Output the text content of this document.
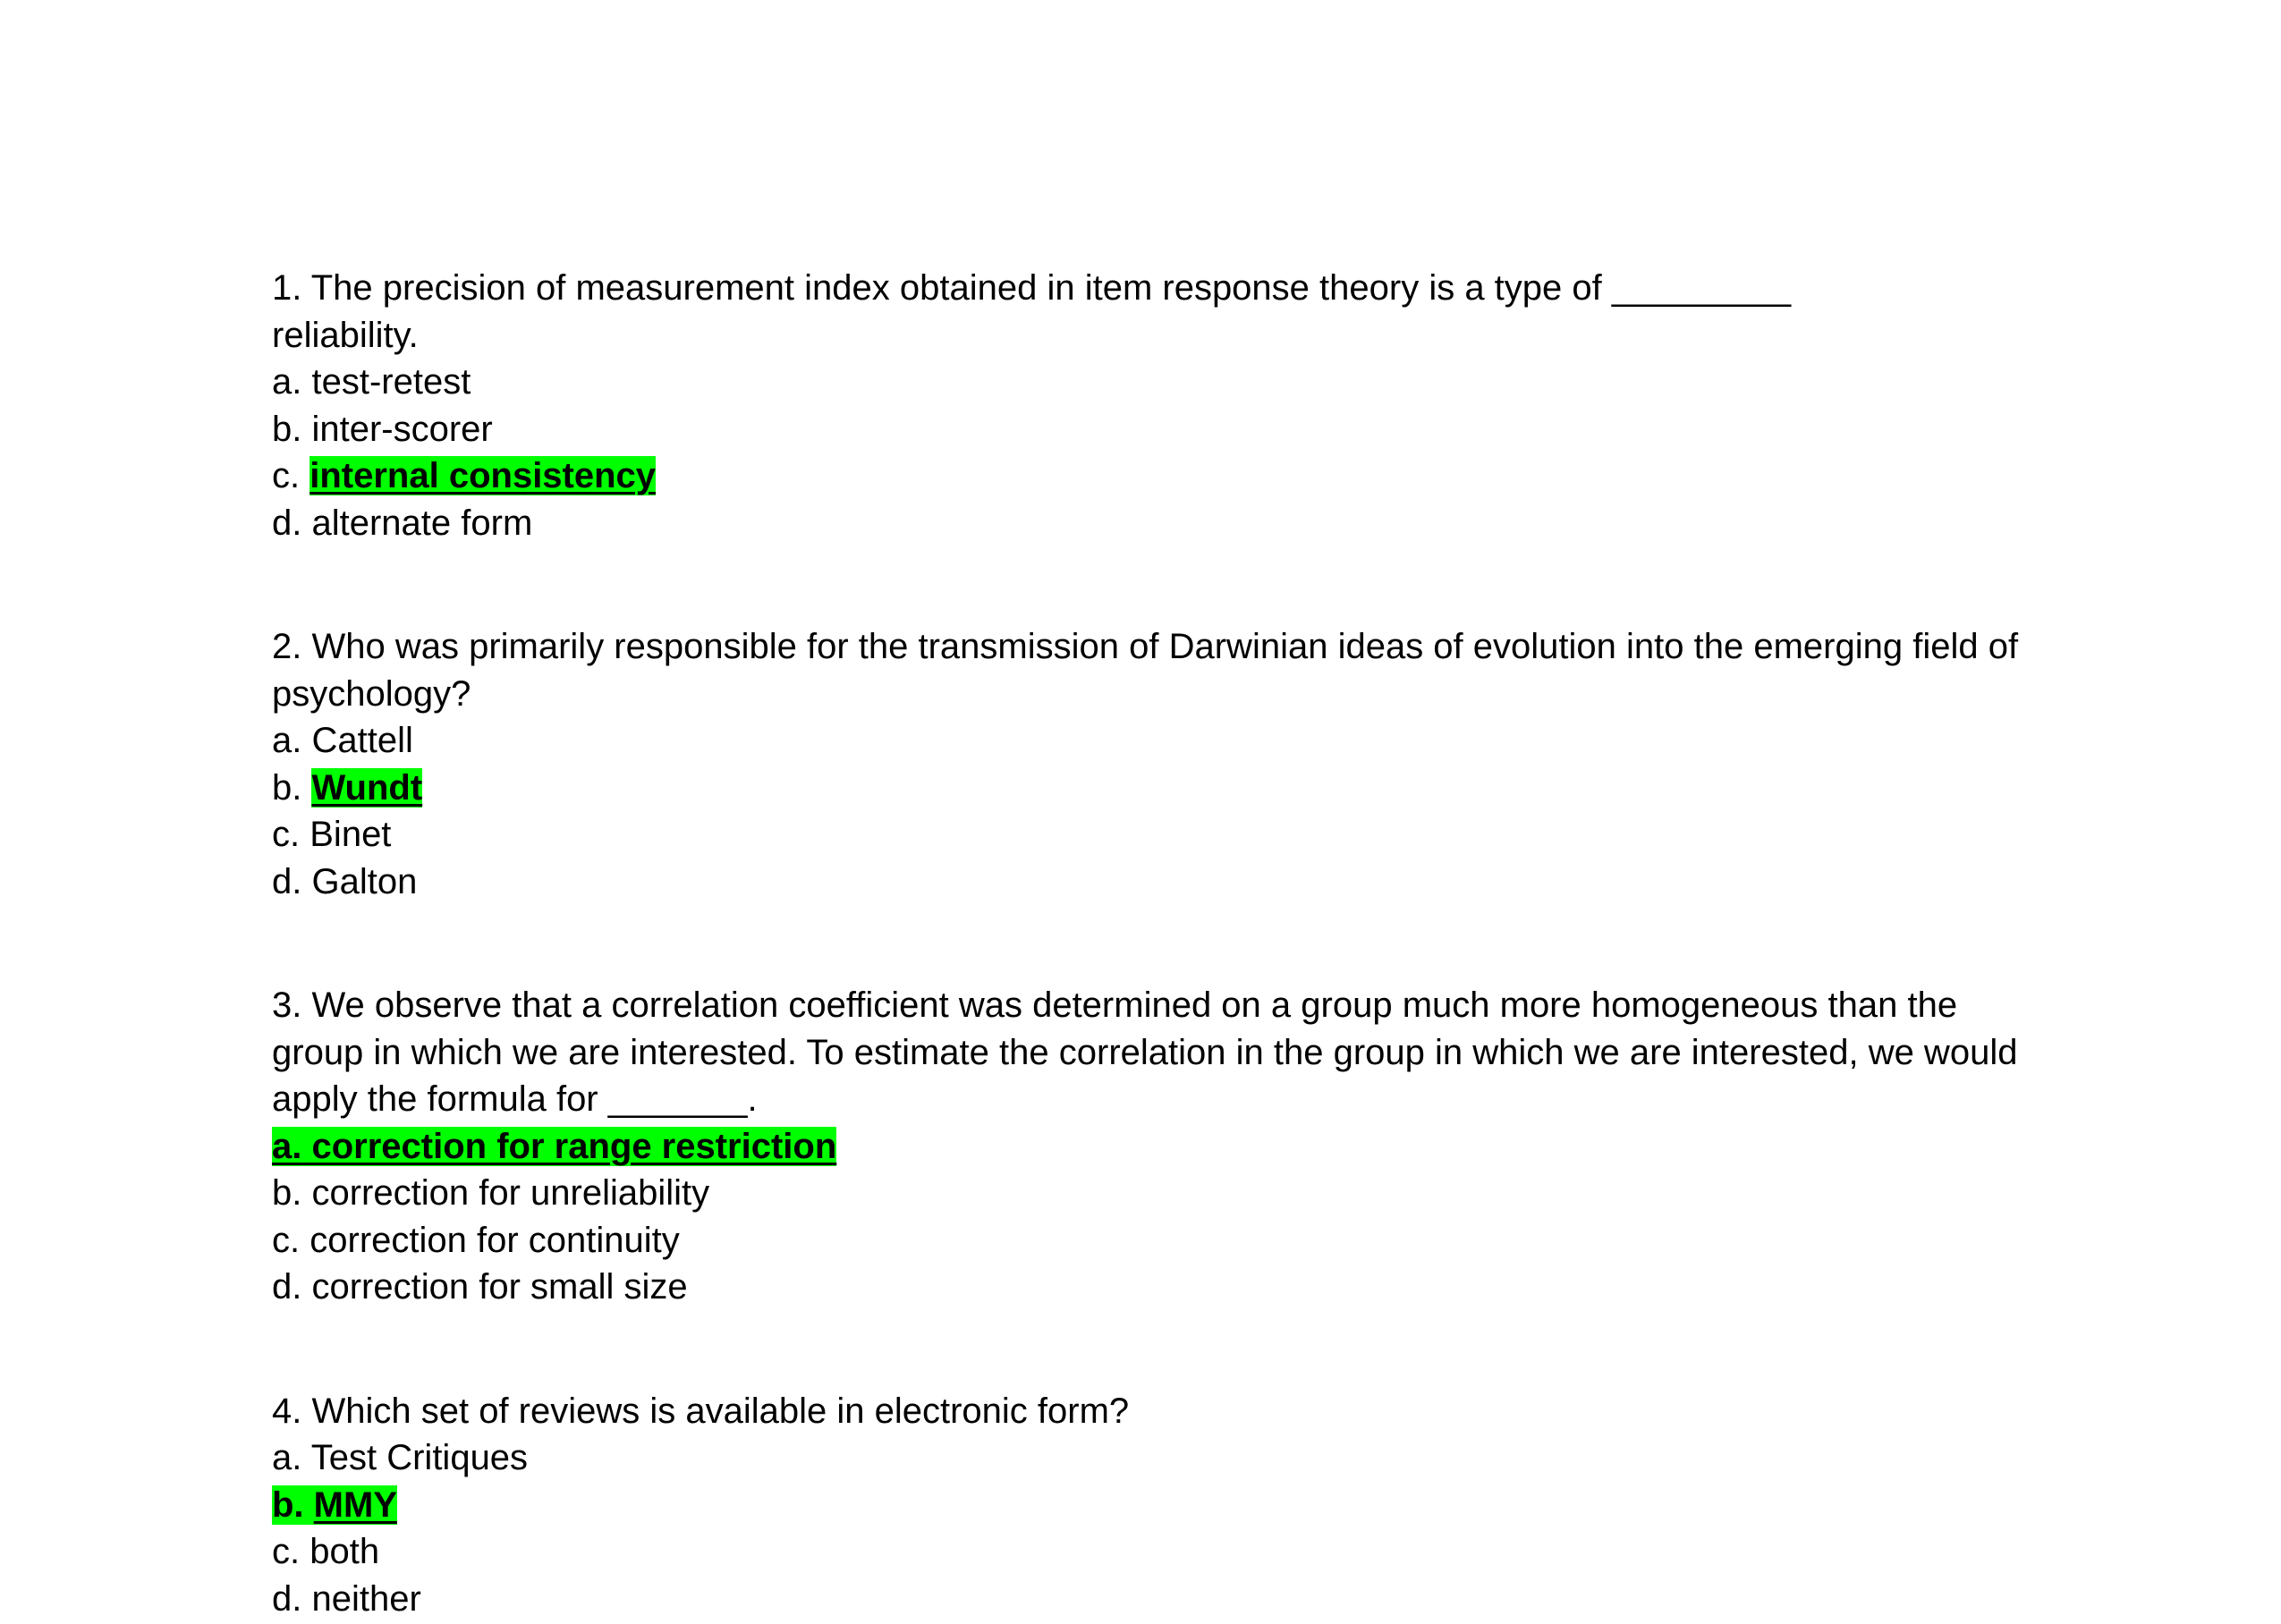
1. The precision of measurement index obtained in item response theory is a type of _________ reliability.
a. test-retest
b. inter-scorer
c. internal consistency
d. alternate form
2. Who was primarily responsible for the transmission of Darwinian ideas of evolution into the emerging field of psychology?
a. Cattell
b. Wundt
c. Binet
d. Galton
3. We observe that a correlation coefficient was determined on a group much more homogeneous than the group in which we are interested. To estimate the correlation in the group in which we are interested, we would apply the formula for _______.
a. correction for range restriction
b. correction for unreliability
c. correction for continuity
d. correction for small size
4. Which set of reviews is available in electronic form?
a. Test Critiques
b. MMY
c. both
d. neither
